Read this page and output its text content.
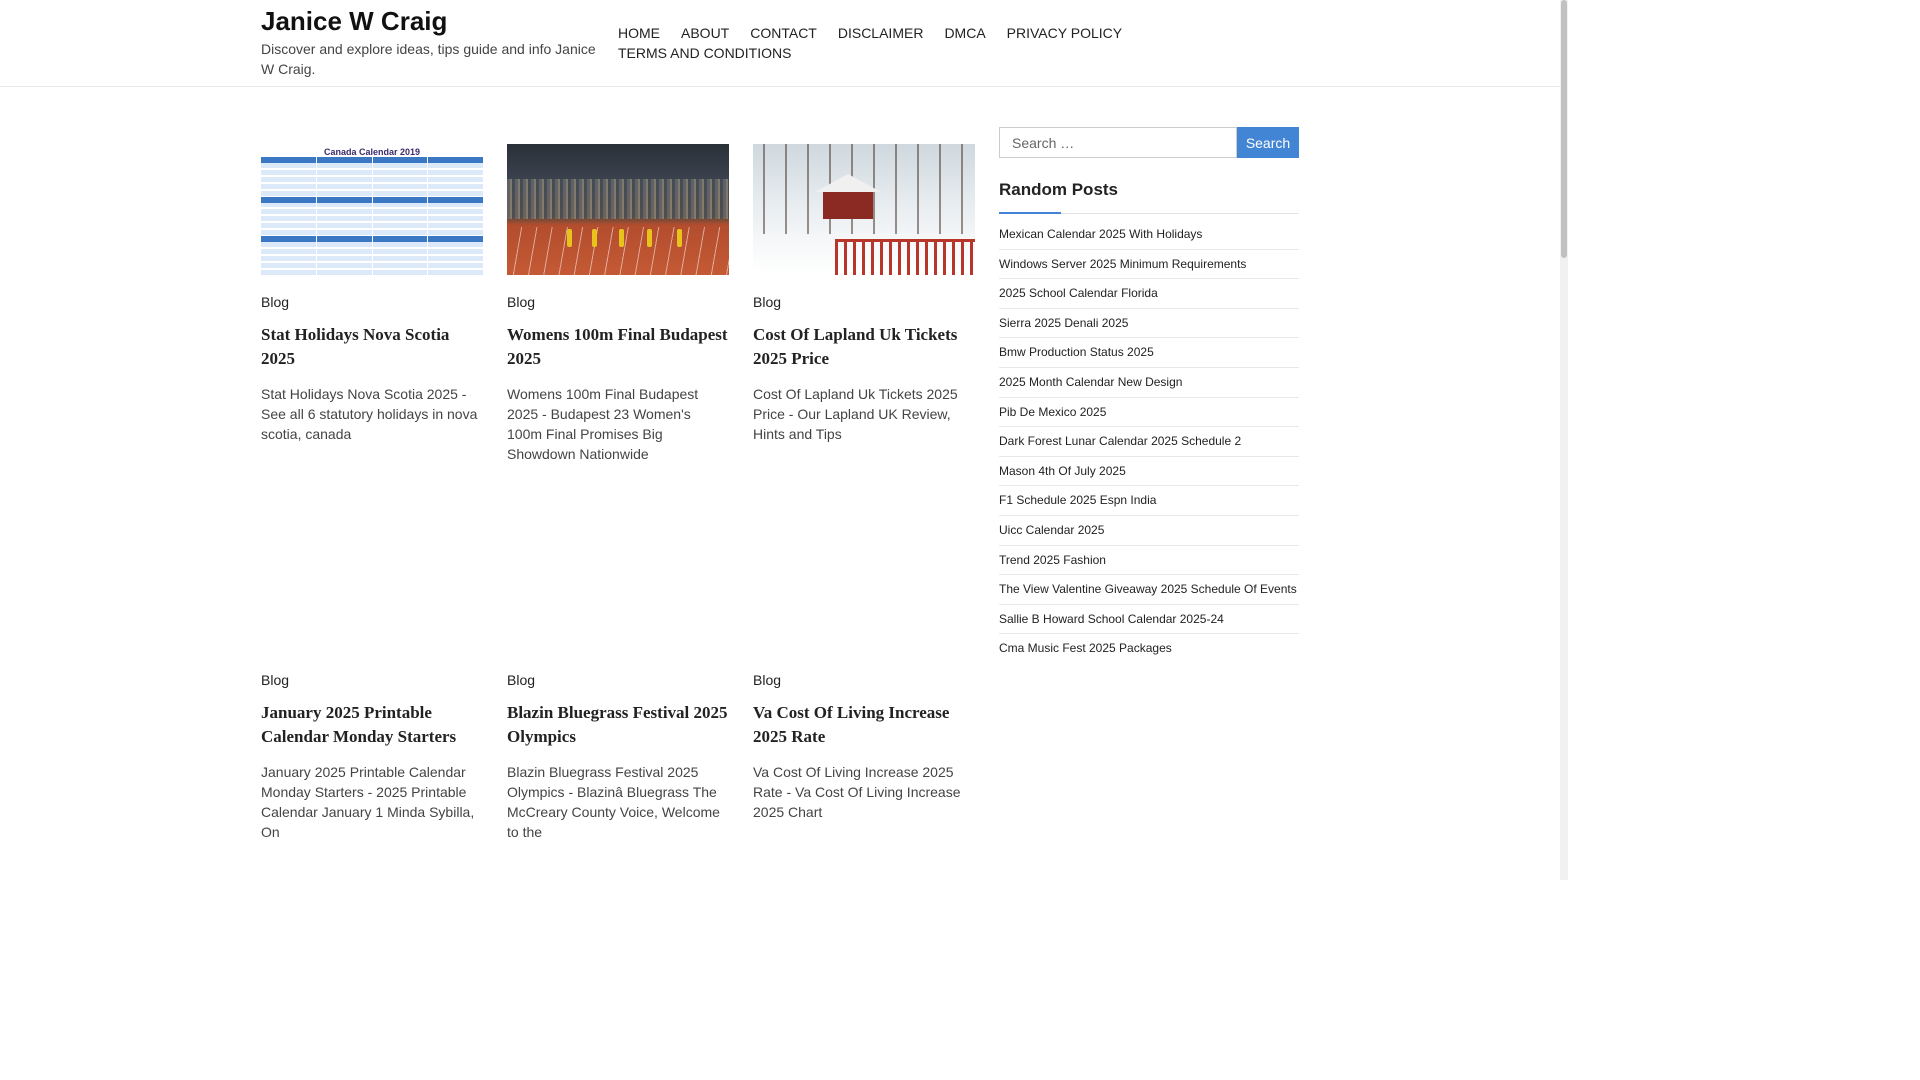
Janice W Craig
Discover and explore ideas, tips guide and info Janice W Craig.
HOME ABOUT CONTACT DISCLAIMER DMCA PRIVACY POLICYTERMS AND CONDITIONS
Canada Calendar 2019
Blog
Stat Holidays Nova Scotia 2025
Stat Holidays Nova Scotia 2025 - See all 6 statutory holidays in nova scotia, canada
Blog
Womens 100m Final Budapest 2025
Womens 100m Final Budapest 2025 - Budapest 23 Women's 100m Final Promises Big Showdown Nationwide
Blog
Cost Of Lapland Uk Tickets 2025 Price
Cost Of Lapland Uk Tickets 2025 Price - Our Lapland UK Review, Hints and Tips
Blog
January 2025 Printable Calendar Monday Starters
January 2025 Printable Calendar Monday Starters - 2025 Printable Calendar January 1 Minda Sybilla, On
Blog
Blazin Bluegrass Festival 2025 Olympics
Blazin Bluegrass Festival 2025 Olympics - Blazinâ Bluegrass The McCreary County Voice, Welcome to the
Blog
Va Cost Of Living Increase 2025 Rate
Va Cost Of Living Increase 2025 Rate - Va Cost Of Living Increase 2025 Chart
Search …
Search
Random Posts
Mexican Calendar 2025 With Holidays
Windows Server 2025 Minimum Requirements
2025 School Calendar Florida
Sierra 2025 Denali 2025
Bmw Production Status 2025
2025 Month Calendar New Design
Pib De Mexico 2025
Dark Forest Lunar Calendar 2025 Schedule 2
Mason 4th Of July 2025
F1 Schedule 2025 Espn India
Uicc Calendar 2025
Trend 2025 Fashion
The View Valentine Giveaway 2025 Schedule Of Events
Sallie B Howard School Calendar 2025-24
Cma Music Fest 2025 Packages
